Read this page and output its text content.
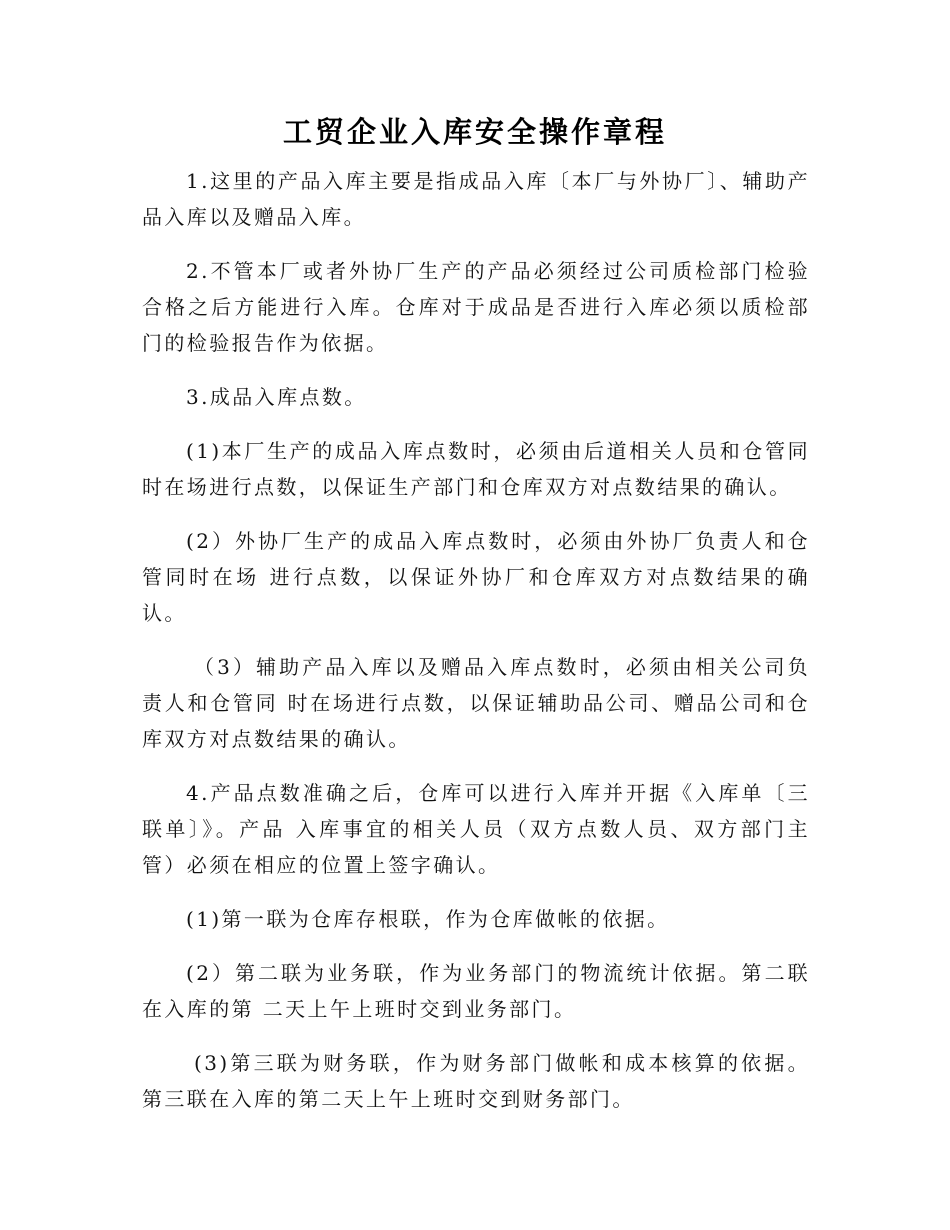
工贸企业入库安全操作章程

1.这里的产品入库主要是指成品入库〔本厂与外协厂〕、辅助产品入库以及赠品入库。

2.不管本厂或者外协厂生产的产品必须经过公司质检部门检验合格之后方能进行入库。仓库对于成品是否进行入库必须以质检部门的检验报告作为依据。

3.成品入库点数。

(1)本厂生产的成品入库点数时，必须由后道相关人员和仓管同时在场进行点数，以保证生产部门和仓库双方对点数结果的确认。

(2）外协厂生产的成品入库点数时，必须由外协厂负责人和仓管同时在场 进行点数，以保证外协厂和仓库双方对点数结果的确认。

（3）辅助产品入库以及赠品入库点数时，必须由相关公司负责人和仓管同 时在场进行点数，以保证辅助品公司、赠品公司和仓库双方对点数结果的确认。

4.产品点数准确之后，仓库可以进行入库并开据《入库单〔三联单〕》。产品 入库事宜的相关人员（双方点数人员、双方部门主管）必须在相应的位置上签字确认。

(1)第一联为仓库存根联，作为仓库做帐的依据。

(2）第二联为业务联，作为业务部门的物流统计依据。第二联在入库的第 二天上午上班时交到业务部门。

(3)第三联为财务联，作为财务部门做帐和成本核算的依据。第三联在入库的第二天上午上班时交到财务部门。
